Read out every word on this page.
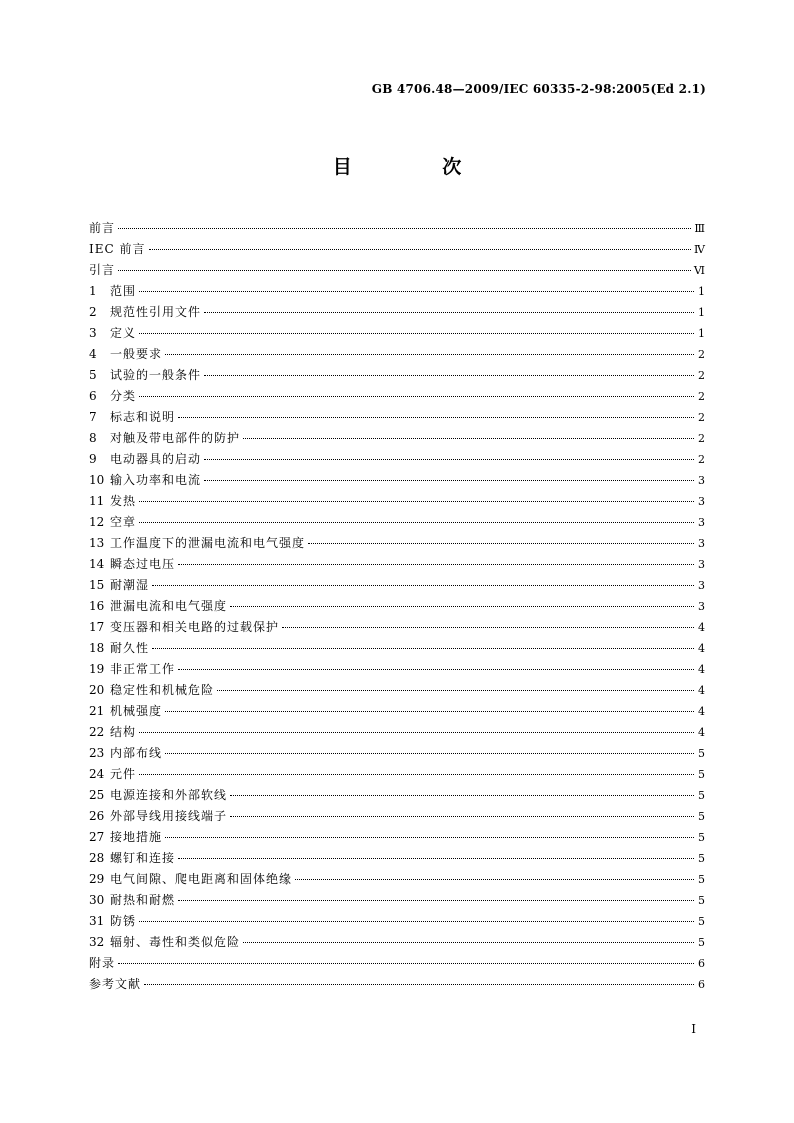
GB 4706.48—2009/IEC 60335-2-98:2005(Ed 2.1)
目 次
前言	Ⅲ
IEC 前言	Ⅳ
引言	Ⅵ
1	范围	1
2	规范性引用文件	1
3	定义	1
4	一般要求	2
5	试验的一般条件	2
6	分类	2
7	标志和说明	2
8	对触及带电部件的防护	2
9	电动器具的启动	2
10 输入功率和电流	3
11 发热	3
12 空章	3
13 工作温度下的泄漏电流和电气强度	3
14 瞬态过电压	3
15 耐潮湿	3
16 泄漏电流和电气强度	3
17 变压器和相关电路的过载保护	4
18 耐久性	4
19 非正常工作	4
20 稳定性和机械危险	4
21 机械强度	4
22 结构	4
23 内部布线	5
24 元件	5
25 电源连接和外部软线	5
26 外部导线用接线端子	5
27 接地措施	5
28 螺钉和连接	5
29 电气间隙、爬电距离和固体绝缘	5
30 耐热和耐燃	5
31 防锈	5
32 辐射、毒性和类似危险	5
附录	6
参考文献	6
I
